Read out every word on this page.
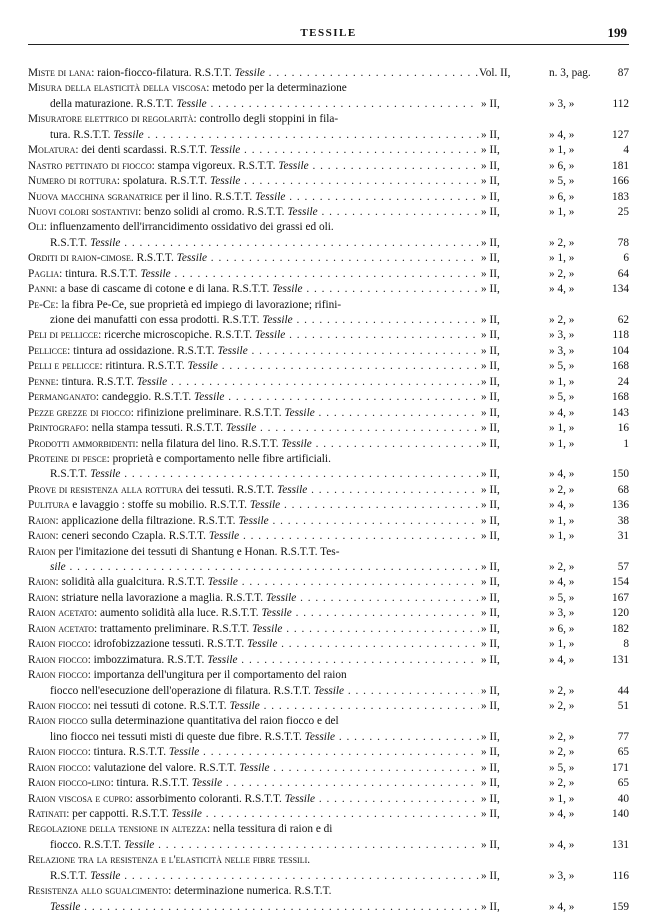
TESSILE	199
Miste di lana: raion-fiocco-filatura. R.S.T.T. Tessile . . .	Vol. II,	n. 3, pag. 87
Misura della elasticità della viscosa: metodo per la determinazione
della maturazione. R.S.T.T. Tessile . . .	» II,	» 3, »	112
Misuratore elettrico di regolarità: controllo degli stoppini in fila-
tura. R.S.T.T. Tessile . . .	» II,	» 4, »	127
Molatura: dei denti scardassi. R.S.T.T. Tessile . . .	» II,	» 1, »	4
Nastro pettinato di fiocco: stampa vigoreux. R.S.T.T. Tessile . . .	» II,	» 6, »	181
Numero di rottura: spolatura. R.S.T.T. Tessile . . .	» II,	» 5, »	166
Nuova macchina sgranatrice per il lino. R.S.T.T. Tessile . . .	» II,	» 6, »	183
Nuovi colori sostantivi: benzo solidi al cromo. R.S.T.T. Tessile . . .	» II,	» 1, »	25
Oli: influenzamento dell'irrancidimento ossidativo dei grassi ed oli.
R.S.T.T. Tessile . . .	» II,	» 2, »	78
Orditi di raion-cimose. R.S.T.T. Tessile . . .	» II,	» 1, »	6
Paglia: tintura. R.S.T.T. Tessile . . .	» II,	» 2, »	64
Panni: a base di cascame di cotone e di lana. R.S.T.T. Tessile . . .	» II,	» 4, »	134
Pe-Ce: la fibra Pe-Ce, sue proprietà ed impiego di lavorazione; rifini-
zione dei manufatti con essa prodotti. R.S.T.T. Tessile . . .	» II,	» 2, »	62
Peli di pellicce: ricerche microscopiche. R.S.T.T. Tessile . . .	» II,	» 3, »	118
Pellicce: tintura ad ossidazione. R.S.T.T. Tessile . . .	» II,	» 3, »	104
Pelli e pellicce: ritintura. R.S.T.T. Tessile . . .	» II,	» 5, »	168
Penne: tintura. R.S.T.T. Tessile . . .	» II,	» 1, »	24
Permanganato: candeggio. R.S.T.T. Tessile . . .	» II,	» 5, »	168
Pezze grezze di fiocco: rifinizione preliminare. R.S.T.T. Tessile . . .	» II,	» 4, »	143
Printografo: nella stampa tessuti. R.S.T.T. Tessile . . .	» II,	» 1, »	16
Prodotti ammorbidenti: nella filatura del lino. R.S.T.T. Tessile . . .	» II,	» 1, »	1
Proteine di pesce: proprietà e comportamento nelle fibre artificiali.
R.S.T.T. Tessile . . .	» II,	» 4, »	150
Prove di resistenza alla rottura dei tessuti. R.S.T.T. Tessile . . .	» II,	» 2, »	68
Pulitura e lavaggio : stoffe su mobilio. R.S.T.T. Tessile . . .	» II,	» 4, »	136
Raion: applicazione della filtrazione. R.S.T.T. Tessile . . .	» II,	» 1, »	38
Raion: ceneri secondo Czapla. R.S.T.T. Tessile . . .	» II,	» 1, »	31
Raion per l'imitazione dei tessuti di Shantung e Honan. R.S.T.T. Tes-
sile . . .	» II,	» 2, »	57
Raion: solidità alla gualcitura. R.S.T.T. Tessile . . .	» II,	» 4, »	154
Raion: striature nella lavorazione a maglia. R.S.T.T. Tessile . . .	» II,	» 5, »	167
Raion acetato: aumento solidità alla luce. R.S.T.T. Tessile . . .	» II,	» 3, »	120
Raion acetato: trattamento preliminare. R.S.T.T. Tessile . . .	» II,	» 6, »	182
Raion fiocco: idrofobizzazione tessuti. R.S.T.T. Tessile . . .	» II,	» 1, »	8
Raion fiocco: imbozzimatura. R.S.T.T. Tessile . . .	» II,	» 4, »	131
Raion fiocco: importanza dell'ungitura per il comportamento del raion
fiocco nell'esecuzione dell'operazione di filatura. R.S.T.T. Tessile . . .	» II,	» 2, »	44
Raion fiocco: nei tessuti di cotone. R.S.T.T. Tessile . . .	» II,	» 2, »	51
Raion fiocco sulla determinazione quantitativa del raion fiocco e del
lino fiocco nei tessuti misti di queste due fibre. R.S.T.T. Tessile . . .	» II,	» 2, »	77
Raion fiocco: tintura. R.S.T.T. Tessile . . .	» II,	» 2, »	65
Raion fiocco: valutazione del valore. R.S.T.T. Tessile . . .	» II,	» 5, »	171
Raion fiocco-lino: tintura. R.S.T.T. Tessile . . .	» II,	» 2, »	65
Raion viscosa e cupro: assorbimento coloranti. R.S.T.T. Tessile . . .	» II,	» 1, »	40
Ratinati: per cappotti. R.S.T.T. Tessile . . .	» II,	» 4, »	140
Regolazione della tensione in altezza: nella tessitura di raion e di
fiocco. R.S.T.T. Tessile . . .	» II,	» 4, »	131
Relazione tra la resistenza e l'elasticità nelle fibre tessili.
R.S.T.T. Tessile . . .	» II,	» 3, »	116
Resistenza allo sgualcimento: determinazione numerica. R.S.T.T.
Tessile . . .	» II,	» 4, »	159
